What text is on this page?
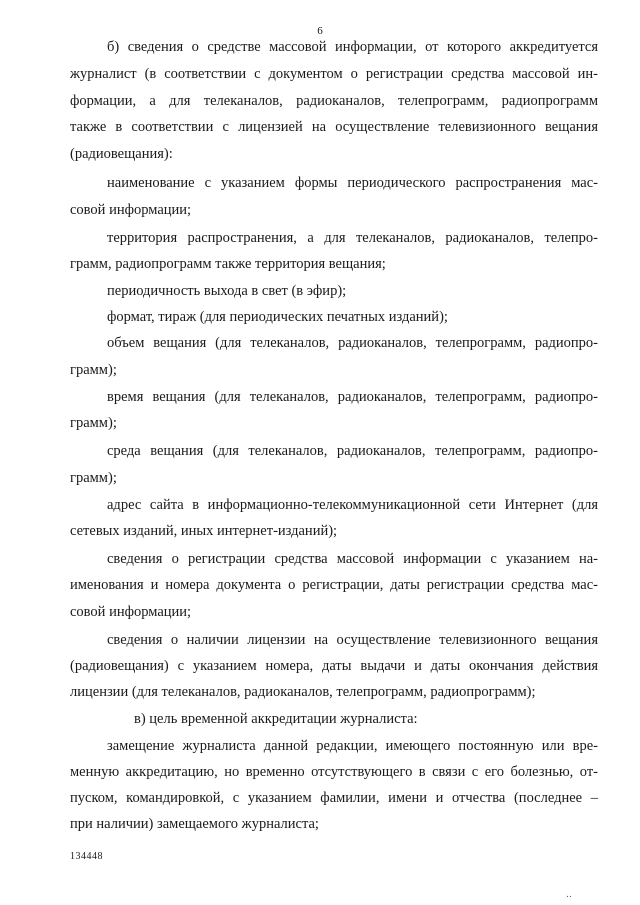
6
б) сведения о средстве массовой информации, от которого аккредитуется
журналист (в соответствии с документом о регистрации средства массовой ин-
формации, а для телеканалов, радиоканалов, телепрограмм, радиопрограмм
также в соответствии с лицензией на осуществление телевизионного вещания
(радиовещания):
наименование с указанием формы периодического распространения мас-
совой информации;
территория распространения, а для телеканалов, радиоканалов, телепро-
грамм, радиопрограмм также территория вещания;
периодичность выхода в свет (в эфир);
формат, тираж (для периодических печатных изданий);
объем вещания (для телеканалов, радиоканалов, телепрограмм, радиопро-
грамм);
время вещания (для телеканалов, радиоканалов, телепрограмм, радиопро-
грамм);
среда вещания (для телеканалов, радиоканалов, телепрограмм, радиопро-
грамм);
адрес сайта в информационно-телекоммуникационной сети Интернет (для
сетевых изданий, иных интернет-изданий);
сведения о регистрации средства массовой информации с указанием на-
именования и номера документа о регистрации, даты регистрации средства мас-
совой информации;
сведения о наличии лицензии на осуществление телевизионного вещания
(радиовещания) с указанием номера, даты выдачи и даты окончания действия
лицензии (для телеканалов, радиоканалов, телепрограмм, радиопрограмм);
в) цель временной аккредитации журналиста:
замещение журналиста данной редакции, имеющего постоянную или вре-
менную аккредитацию, но временно отсутствующего в связи с его болезнью, от-
пуском, командировкой, с указанием фамилии, имени и отчества (последнее –
при наличии) замещаемого журналиста;
134448
‥
